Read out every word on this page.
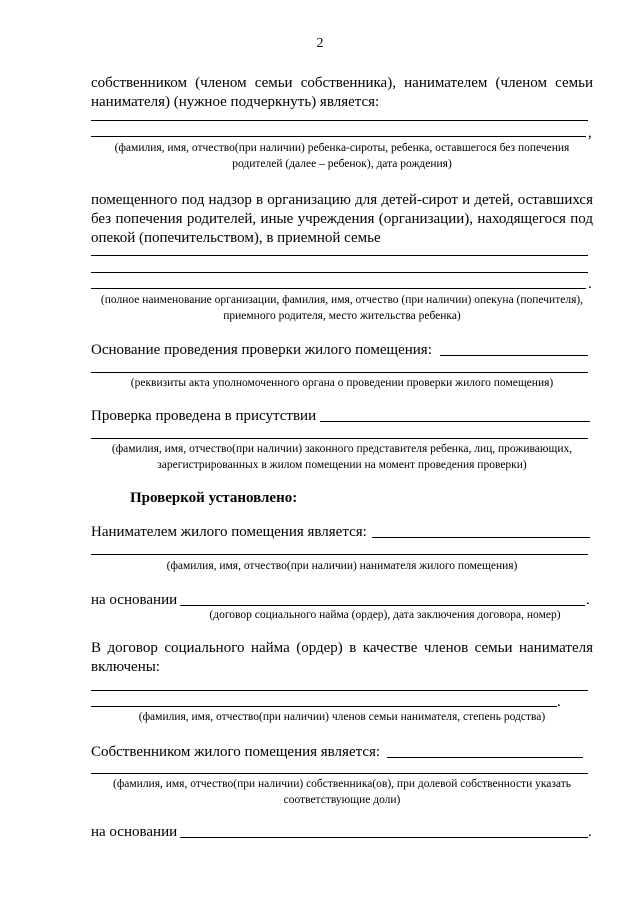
2
собственником (членом семьи собственника), нанимателем (членом семьи нанимателя) (нужное подчеркнуть) является:
,
(фамилия, имя, отчество(при наличии) ребенка-сироты, ребенка, оставшегося без попечения родителей (далее – ребенок), дата рождения)
помещенного под надзор в организацию для детей-сирот и детей, оставшихся без попечения родителей, иные учреждения (организации), находящегося под опекой (попечительством), в приемной семье
.
(полное наименование организации, фамилия, имя, отчество (при наличии) опекуна (попечителя), приемного родителя, место жительства ребенка)
Основание проведения проверки жилого помещения:
(реквизиты акта уполномоченного органа о проведении проверки жилого помещения)
Проверка проведена в присутствии
(фамилия, имя, отчество(при наличии) законного представителя ребенка, лиц, проживающих, зарегистрированных в жилом помещении на момент проведения проверки)
Проверкой установлено:
Нанимателем жилого помещения является:
(фамилия, имя, отчество(при наличии) нанимателя жилого помещения)
на основании	.
(договор социального найма (ордер), дата заключения договора, номер)
В договор социального найма (ордер) в качестве членов семьи нанимателя включены:
.
(фамилия, имя, отчество(при наличии) членов семьи нанимателя, степень родства)
Собственником жилого помещения является:
(фамилия, имя, отчество(при наличии) собственника(ов), при долевой собственности указать соответствующие доли)
на основании	.
